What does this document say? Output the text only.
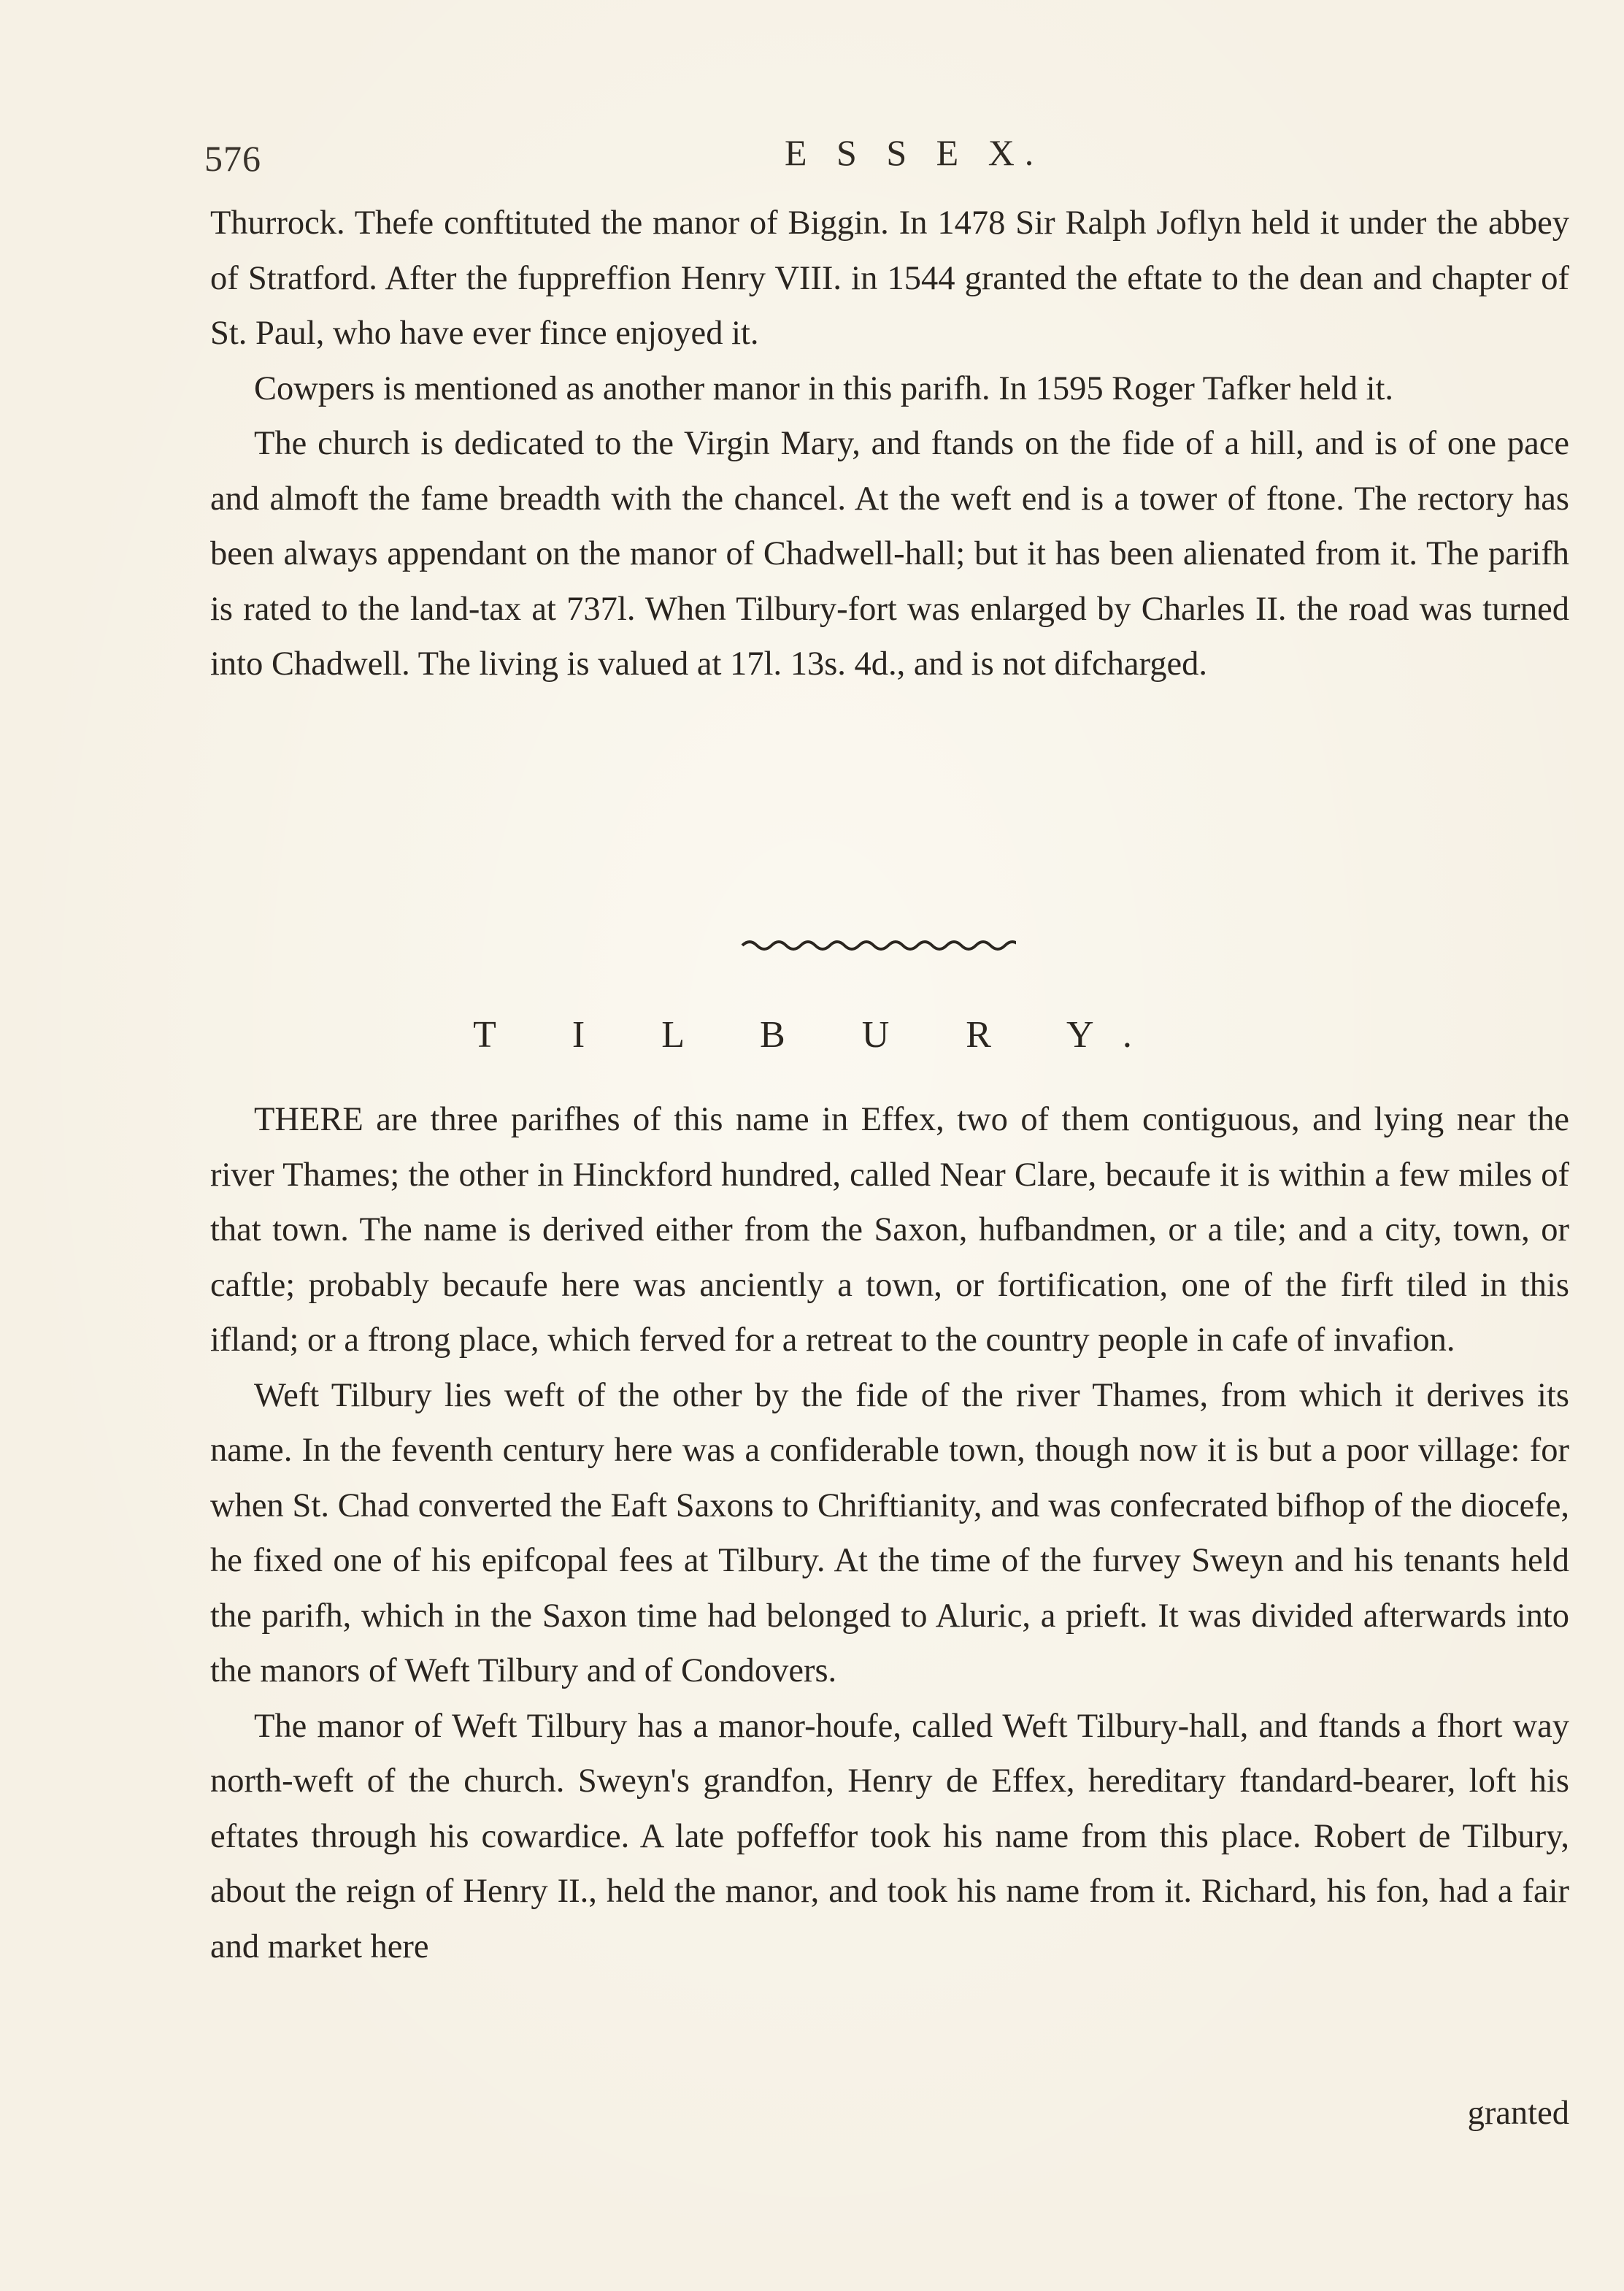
576	E S S E X.

Thurrock. Thefe conftituted the manor of Biggin. In 1478 Sir Ralph Joflyn held it under the abbey of Stratford. After the fuppreffion Henry VIII. in 1544 granted the eftate to the dean and chapter of St. Paul, who have ever fince enjoyed it.

Cowpers is mentioned as another manor in this parifh. In 1595 Roger Tafker held it.

The church is dedicated to the Virgin Mary, and ftands on the fide of a hill, and is of one pace and almoft the fame breadth with the chancel. At the weft end is a tower of ftone. The rectory has been always appendant on the manor of Chadwell-hall; but it has been alienated from it. The parifh is rated to the land-tax at 737l. When Tilbury-fort was enlarged by Charles II. the road was turned into Chadwell. The living is valued at 17l. 13s. 4d., and is not difcharged.

T I L B U R Y.

THERE are three parifhes of this name in Effex, two of them contiguous, and lying near the river Thames; the other in Hinckford hundred, called Near Clare, becaufe it is within a few miles of that town. The name is derived either from the Saxon, hufbandmen, or a tile; and a city, town, or caftle; probably becaufe here was anciently a town, or fortification, one of the firft tiled in this ifland; or a ftrong place, which ferved for a retreat to the country people in cafe of invafion.

Weft Tilbury lies weft of the other by the fide of the river Thames, from which it derives its name. In the feventh century here was a confiderable town, though now it is but a poor village: for when St. Chad converted the Eaft Saxons to Chriftianity, and was confecrated bifhop of the diocefe, he fixed one of his epifcopal fees at Tilbury. At the time of the furvey Sweyn and his tenants held the parifh, which in the Saxon time had belonged to Aluric, a prieft. It was divided afterwards into the manors of Weft Tilbury and of Condovers.

The manor of Weft Tilbury has a manor-houfe, called Weft Tilbury-hall, and ftands a fhort way north-weft of the church. Sweyn's grandfon, Henry de Effex, hereditary ftandard-bearer, loft his eftates through his cowardice. A late poffeffor took his name from this place. Robert de Tilbury, about the reign of Henry II., held the manor, and took his name from it. Richard, his fon, had a fair and market here

granted
